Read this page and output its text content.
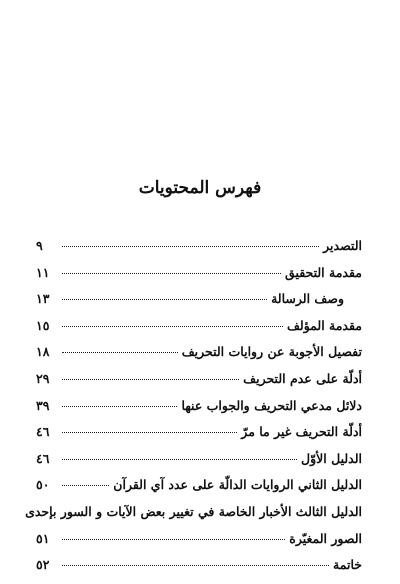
فهرس المحتويات
التصدير
٩
مقدمة التحقيق
١١
وصف الرسالة
١٣
مقدمة المؤلف
١٥
تفصيل الأجوبة عن روايات التحريف
١٨
أدلّة على عدم التحريف
٢٩
دلائل مدعي التحريف والجواب عنها
٣٩
أدلّة التحريف غير ما مرّ
٤٦
الدليل الأوّل
٤٦
الدليل الثاني الروايات الدالّة على عدد آي القرآن
٥٠
الدليل الثالث الأخبار الخاصة في تغيير بعض الآيات و السور بإحدى
الصور المغيّرة
٥١
خاتمة
٥٢
